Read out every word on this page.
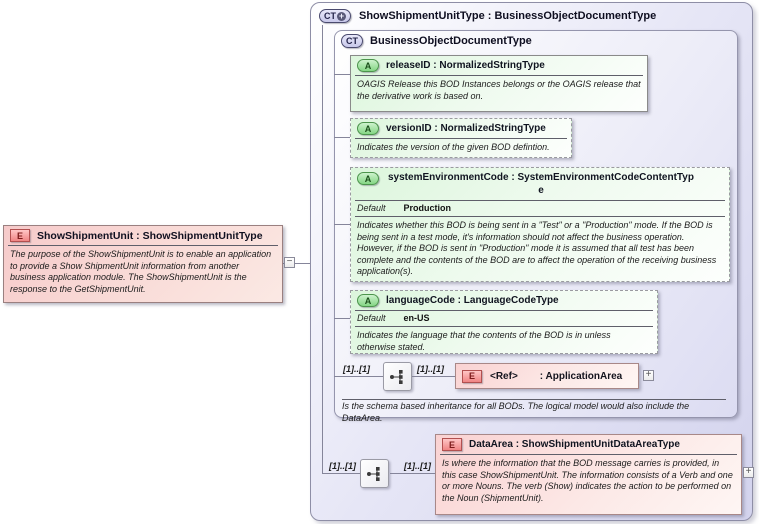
CT + ShowShipmentUnitType : BusinessObjectDocumentType
CT BusinessObjectDocumentType
A	releaseID : NormalizedStringType
OAGIS Release this BOD Instances belongs or the OAGIS release that the derivative work is based on.
A	versionID : NormalizedStringType
Indicates the version of the given BOD defintion.
A	systemEnvironmentCode : SystemEnvironmentCodeContentType
Default Production
Indicates whether this BOD is being sent in a "Test" or a "Production" mode. If the BOD is being sent in a test mode, it's information should not affect the business operation. However, if the BOD is sent in "Production" mode it is assumed that all test has been complete and the contents of the BOD are to affect the operation of the receiving business application(s).
A	languageCode : LanguageCodeType
Default en-US
Indicates the language that the contents of the BOD is in unless otherwise stated.
[1]..[1]	[1]..[1]
E	<Ref> : ApplicationArea +
Is the schema based inheritance for all BODs. The logical model would also include the DataArea.
[1]..[1]	[1]..[1]
E	DataArea : ShowShipmentUnitDataAreaType
Is where the information that the BOD message carries is provided, in this case ShowShipmentUnit. The information consists of a Verb and one or more Nouns. The verb (Show) indicates the action to be performed on the Noun (ShipmentUnit).
+
E	ShowShipmentUnit : ShowShipmentUnitType
The purpose of the ShowShipmentUnit is to enable an application to provide a Show ShipmentUnit information from another business application module. The ShowShipmentUnit is the response to the GetShipmentUnit.
−
